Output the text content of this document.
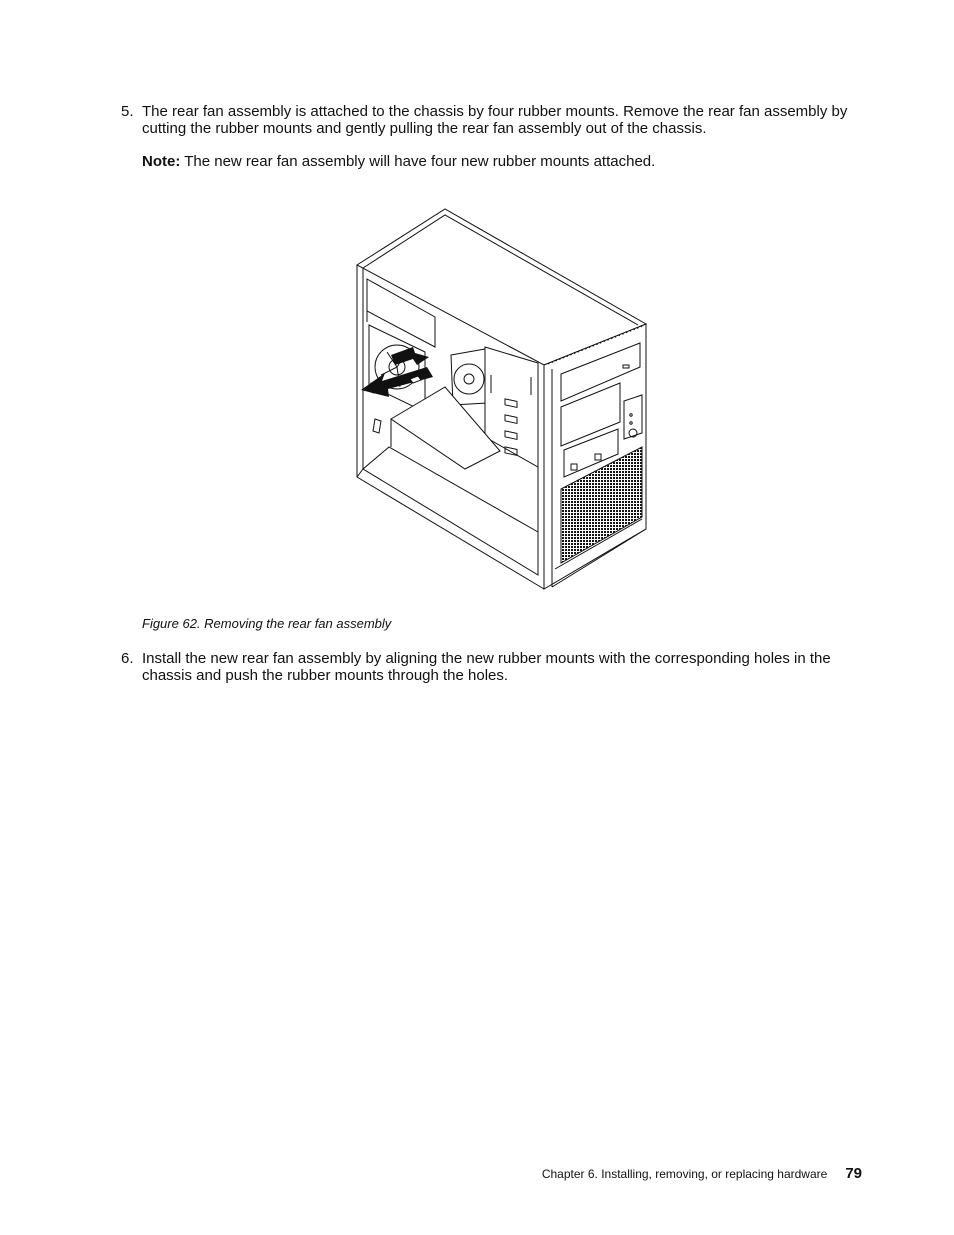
5. The rear fan assembly is attached to the chassis by four rubber mounts. Remove the rear fan assembly by cutting the rubber mounts and gently pulling the rear fan assembly out of the chassis.
Note: The new rear fan assembly will have four new rubber mounts attached.
Figure 62. Removing the rear fan assembly
6. Install the new rear fan assembly by aligning the new rubber mounts with the corresponding holes in the chassis and push the rubber mounts through the holes.
Chapter 6. Installing, removing, or replacing hardware 79
